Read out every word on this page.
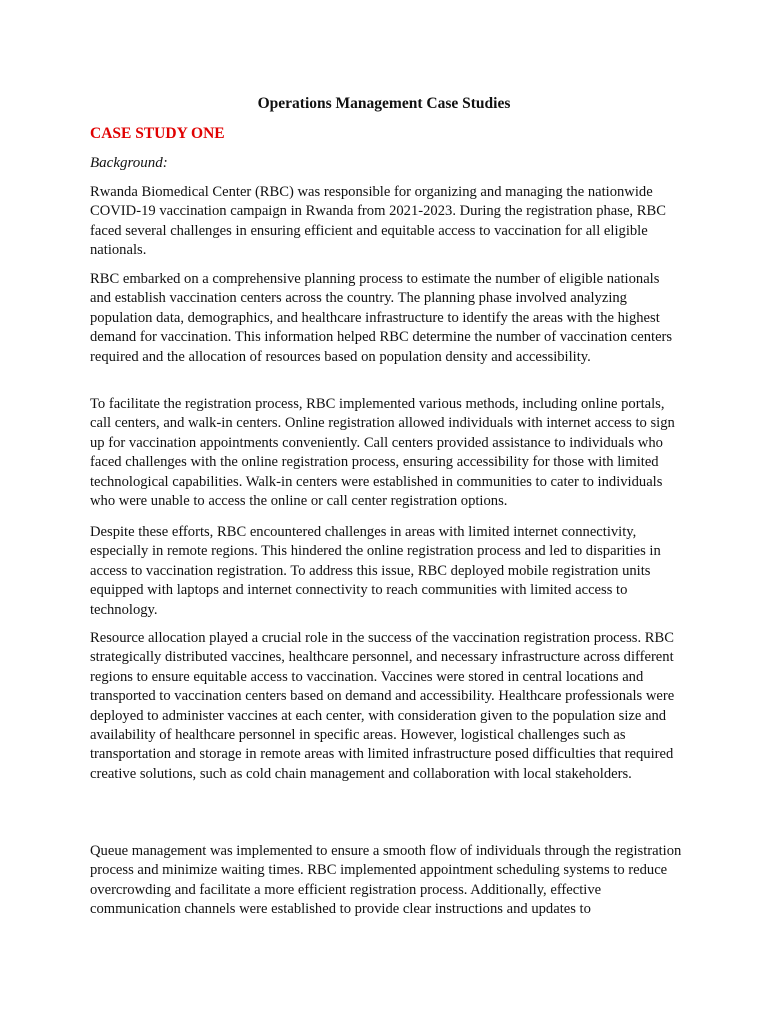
Operations Management Case Studies
CASE STUDY ONE

Background:

Rwanda Biomedical Center (RBC) was responsible for organizing and managing the nationwide COVID-19 vaccination campaign in Rwanda from 2021-2023. During the registration phase, RBC faced several challenges in ensuring efficient and equitable access to vaccination for all eligible nationals.

RBC embarked on a comprehensive planning process to estimate the number of eligible nationals and establish vaccination centers across the country. The planning phase involved analyzing population data, demographics, and healthcare infrastructure to identify the areas with the highest demand for vaccination. This information helped RBC determine the number of vaccination centers required and the allocation of resources based on population density and accessibility.

To facilitate the registration process, RBC implemented various methods, including online portals, call centers, and walk-in centers. Online registration allowed individuals with internet access to sign up for vaccination appointments conveniently. Call centers provided assistance to individuals who faced challenges with the online registration process, ensuring accessibility for those with limited technological capabilities. Walk-in centers were established in communities to cater to individuals who were unable to access the online or call center registration options.

Despite these efforts, RBC encountered challenges in areas with limited internet connectivity, especially in remote regions. This hindered the online registration process and led to disparities in access to vaccination registration. To address this issue, RBC deployed mobile registration units equipped with laptops and internet connectivity to reach communities with limited access to technology.

Resource allocation played a crucial role in the success of the vaccination registration process. RBC strategically distributed vaccines, healthcare personnel, and necessary infrastructure across different regions to ensure equitable access to vaccination. Vaccines were stored in central locations and transported to vaccination centers based on demand and accessibility. Healthcare professionals were deployed to administer vaccines at each center, with consideration given to the population size and availability of healthcare personnel in specific areas. However, logistical challenges such as transportation and storage in remote areas with limited infrastructure posed difficulties that required creative solutions, such as cold chain management and collaboration with local stakeholders.

Queue management was implemented to ensure a smooth flow of individuals through the registration process and minimize waiting times. RBC implemented appointment scheduling systems to reduce overcrowding and facilitate a more efficient registration process. Additionally, effective communication channels were established to provide clear instructions and updates to
